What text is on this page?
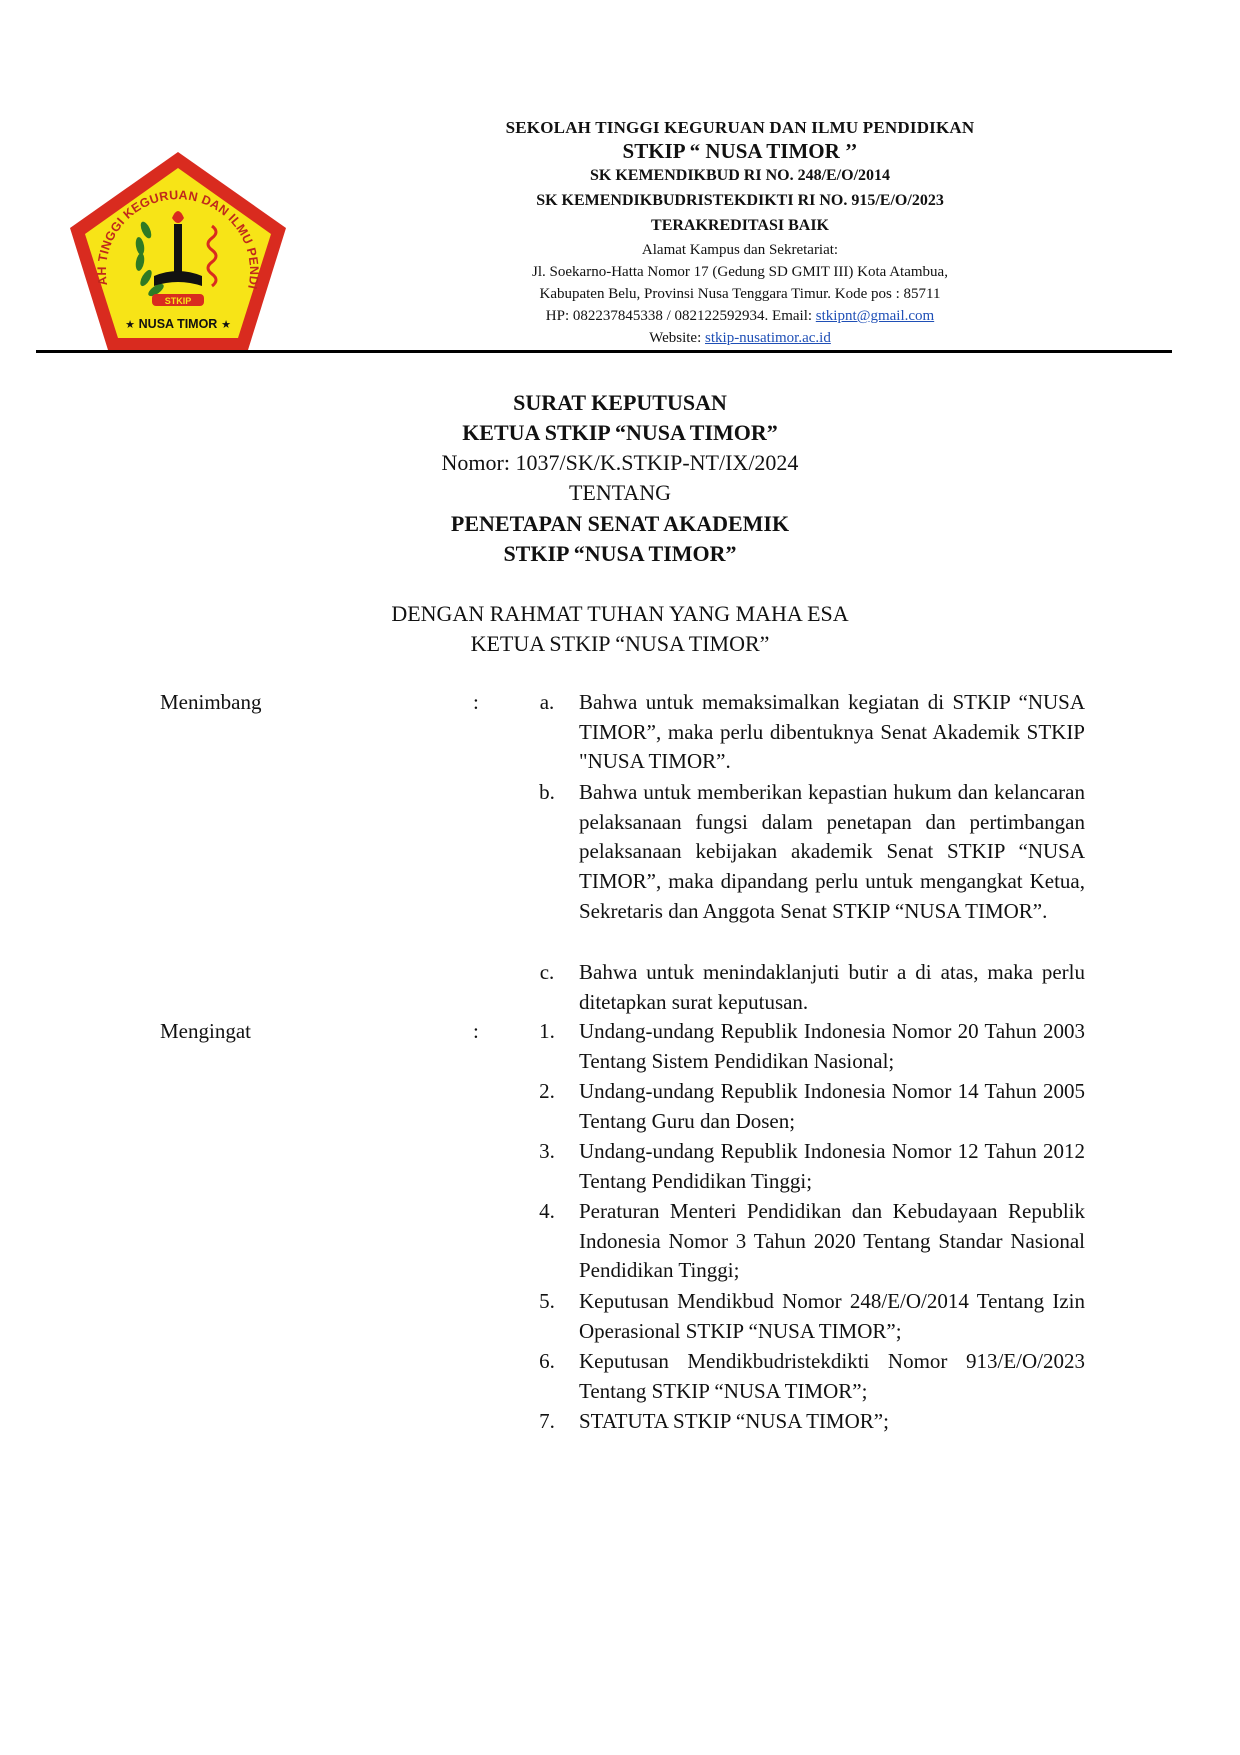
AH TINGGI KEGURUAN DAN ILMU PENDI
STKIP
NUSA TIMOR
★	★
SEKOLAH TINGGI KEGURUAN DAN ILMU PENDIDIKAN
STKIP “ NUSA TIMOR ’’
SK KEMENDIKBUD RI NO. 248/E/O/2014
SK KEMENDIKBUDRISTEKDIKTI RI NO. 915/E/O/2023
TERAKREDITASI BAIK
Alamat Kampus dan Sekretariat:
Jl. Soekarno-Hatta Nomor 17 (Gedung SD GMIT III) Kota Atambua,
Kabupaten Belu, Provinsi Nusa Tenggara Timur. Kode pos : 85711
HP: 082237845338 / 082122592934. Email: stkipnt@gmail.com
Website: stkip-nusatimor.ac.id
SURAT KEPUTUSAN
KETUA STKIP “NUSA TIMOR”
Nomor: 1037/SK/K.STKIP-NT/IX/2024
TENTANG
PENETAPAN SENAT AKADEMIK
STKIP “NUSA TIMOR”
DENGAN RAHMAT TUHAN YANG MAHA ESA
KETUA STKIP “NUSA TIMOR”
Menimbang	:	a.	Bahwa untuk memaksimalkan kegiatan di STKIP “NUSA TIMOR”, maka perlu dibentuknya Senat Akademik STKIP "NUSA TIMOR”.
b. Bahwa untuk memberikan kepastian hukum dan kelancaran pelaksanaan fungsi dalam penetapan dan pertimbangan pelaksanaan kebijakan akademik Senat STKIP “NUSA TIMOR”, maka dipandang perlu untuk mengangkat Ketua, Sekretaris dan Anggota Senat STKIP “NUSA TIMOR”.
c.	Bahwa untuk menindaklanjuti butir a di atas, maka perlu ditetapkan surat keputusan.
Mengingat	:	1. Undang-undang Republik Indonesia Nomor 20 Tahun 2003 Tentang Sistem Pendidikan Nasional;
2. Undang-undang Republik Indonesia Nomor 14 Tahun 2005 Tentang Guru dan Dosen;
3. Undang-undang Republik Indonesia Nomor 12 Tahun 2012 Tentang Pendidikan Tinggi;
4. Peraturan Menteri Pendidikan dan Kebudayaan Republik Indonesia Nomor 3 Tahun 2020 Tentang Standar Nasional Pendidikan Tinggi;
5. Keputusan Mendikbud Nomor 248/E/O/2014 Tentang Izin Operasional STKIP “NUSA TIMOR”;
6. Keputusan Mendikbudristekdikti Nomor 913/E/O/2023 Tentang STKIP “NUSA TIMOR”;
7. STATUTA STKIP “NUSA TIMOR”;
